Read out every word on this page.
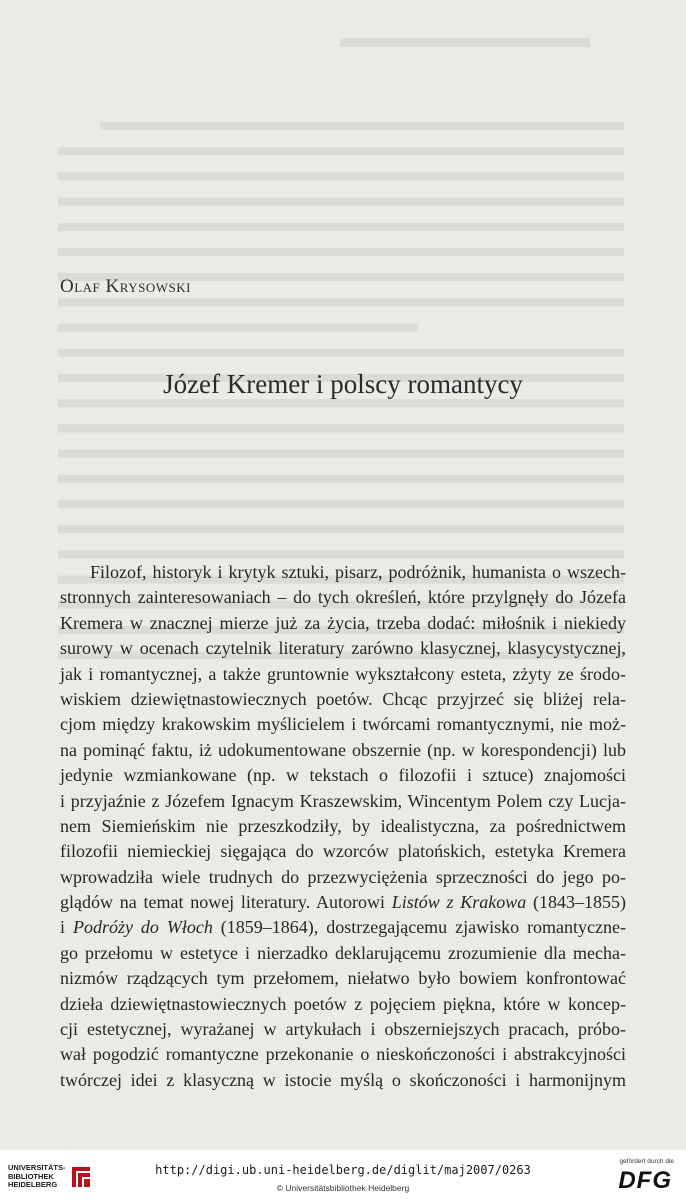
Olaf Krysowski
Józef Kremer i polscy romantycy
Filozof, historyk i krytyk sztuki, pisarz, podróżnik, humanista o wszech-
stronnych zainteresowaniach – do tych określeń, które przylgnęły do Józefa
Kremera w znacznej mierze już za życia, trzeba dodać: miłośnik i niekiedy
surowy w ocenach czytelnik literatury zarówno klasycznej, klasycystycznej,
jak i romantycznej, a także gruntownie wykształcony esteta, zżyty ze środo-
wiskiem dziewiętnastowiecznych poetów. Chcąc przyjrzeć się bliżej rela-
cjom między krakowskim myślicielem i twórcami romantycznymi, nie moż-
na pominąć faktu, iż udokumentowane obszernie (np. w korespondencji) lub
jedynie wzmiankowane (np. w tekstach o filozofii i sztuce) znajomości
i przyjaźnie z Józefem Ignacym Kraszewskim, Wincentym Polem czy Lucja-
nem Siemieńskim nie przeszkodziły, by idealistyczna, za pośrednictwem
filozofii niemieckiej sięgająca do wzorców platońskich, estetyka Kremera
wprowadziła wiele trudnych do przezwyciężenia sprzeczności do jego po-
glądów na temat nowej literatury. Autorowi Listów z Krakowa (1843–1855)
i Podróży do Włoch (1859–1864), dostrzegającemu zjawisko romantyczne-
go przełomu w estetyce i nierzadko deklarującemu zrozumienie dla mecha-
nizmów rządzących tym przełomem, niełatwo było bowiem konfrontować
dzieła dziewiętnastowiecznych poetów z pojęciem piękna, które w koncep-
cji estetycznej, wyrażanej w artykułach i obszerniejszych pracach, próbo-
wał pogodzić romantyczne przekonanie o nieskończoności i abstrakcyjności
twórczej idei z klasyczną w istocie myślą o skończoności i harmonijnym
UNIVERSITÄTS-
BIBLIOTHEK
HEIDELBERG
http://digi.ub.uni-heidelberg.de/diglit/maj2007/0263
© Universitätsbibliothek Heidelberg
gefördert durch die
DFG
